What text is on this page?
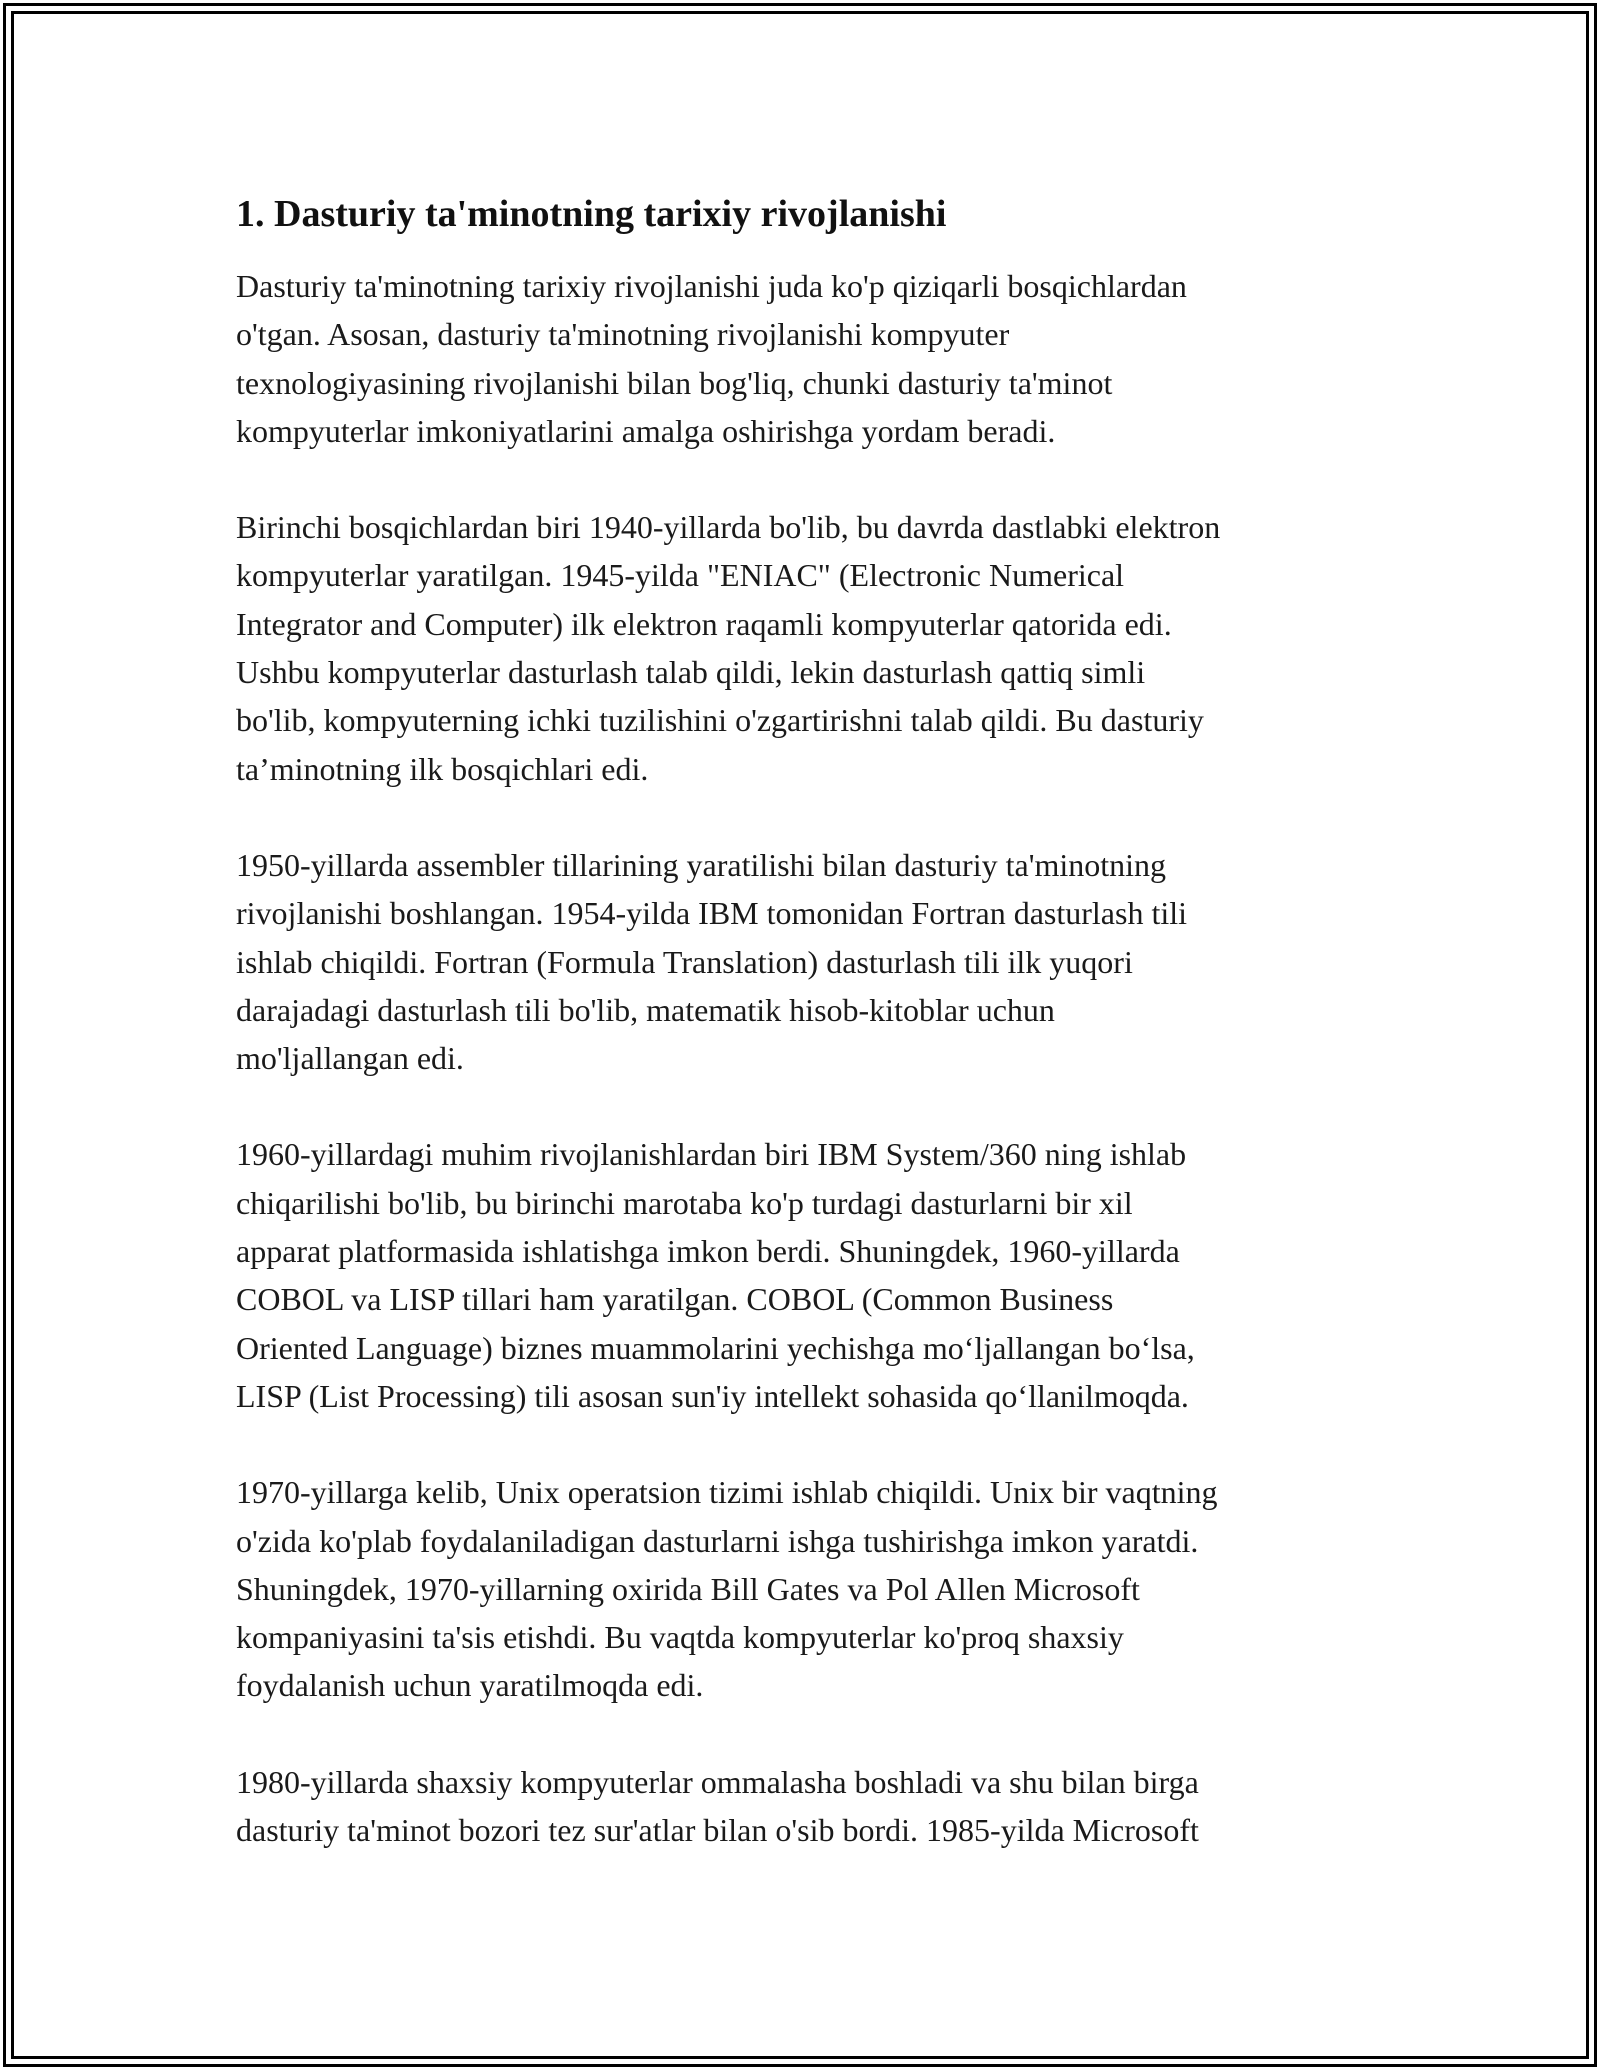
1. Dasturiy ta'minotning tarixiy rivojlanishi

Dasturiy ta'minotning tarixiy rivojlanishi juda ko'p qiziqarli bosqichlardan
o'tgan. Asosan, dasturiy ta'minotning rivojlanishi kompyuter
texnologiyasining rivojlanishi bilan bog'liq, chunki dasturiy ta'minot
kompyuterlar imkoniyatlarini amalga oshirishga yordam beradi.

Birinchi bosqichlardan biri 1940-yillarda bo'lib, bu davrda dastlabki elektron
kompyuterlar yaratilgan. 1945-yilda "ENIAC" (Electronic Numerical
Integrator and Computer) ilk elektron raqamli kompyuterlar qatorida edi.
Ushbu kompyuterlar dasturlash talab qildi, lekin dasturlash qattiq simli
bo'lib, kompyuterning ichki tuzilishini o'zgartirishni talab qildi. Bu dasturiy
ta’minotning ilk bosqichlari edi.

1950-yillarda assembler tillarining yaratilishi bilan dasturiy ta'minotning
rivojlanishi boshlangan. 1954-yilda IBM tomonidan Fortran dasturlash tili
ishlab chiqildi. Fortran (Formula Translation) dasturlash tili ilk yuqori
darajadagi dasturlash tili bo'lib, matematik hisob-kitoblar uchun
mo'ljallangan edi.

1960-yillardagi muhim rivojlanishlardan biri IBM System/360 ning ishlab
chiqarilishi bo'lib, bu birinchi marotaba ko'p turdagi dasturlarni bir xil
apparat platformasida ishlatishga imkon berdi. Shuningdek, 1960-yillarda
COBOL va LISP tillari ham yaratilgan. COBOL (Common Business
Oriented Language) biznes muammolarini yechishga mo‘ljallangan bo‘lsa,
LISP (List Processing) tili asosan sun'iy intellekt sohasida qo‘llanilmoqda.

1970-yillarga kelib, Unix operatsion tizimi ishlab chiqildi. Unix bir vaqtning
o'zida ko'plab foydalaniladigan dasturlarni ishga tushirishga imkon yaratdi.
Shuningdek, 1970-yillarning oxirida Bill Gates va Pol Allen Microsoft
kompaniyasini ta'sis etishdi. Bu vaqtda kompyuterlar ko'proq shaxsiy
foydalanish uchun yaratilmoqda edi.

1980-yillarda shaxsiy kompyuterlar ommalasha boshladi va shu bilan birga
dasturiy ta'minot bozori tez sur'atlar bilan o'sib bordi. 1985-yilda Microsoft
